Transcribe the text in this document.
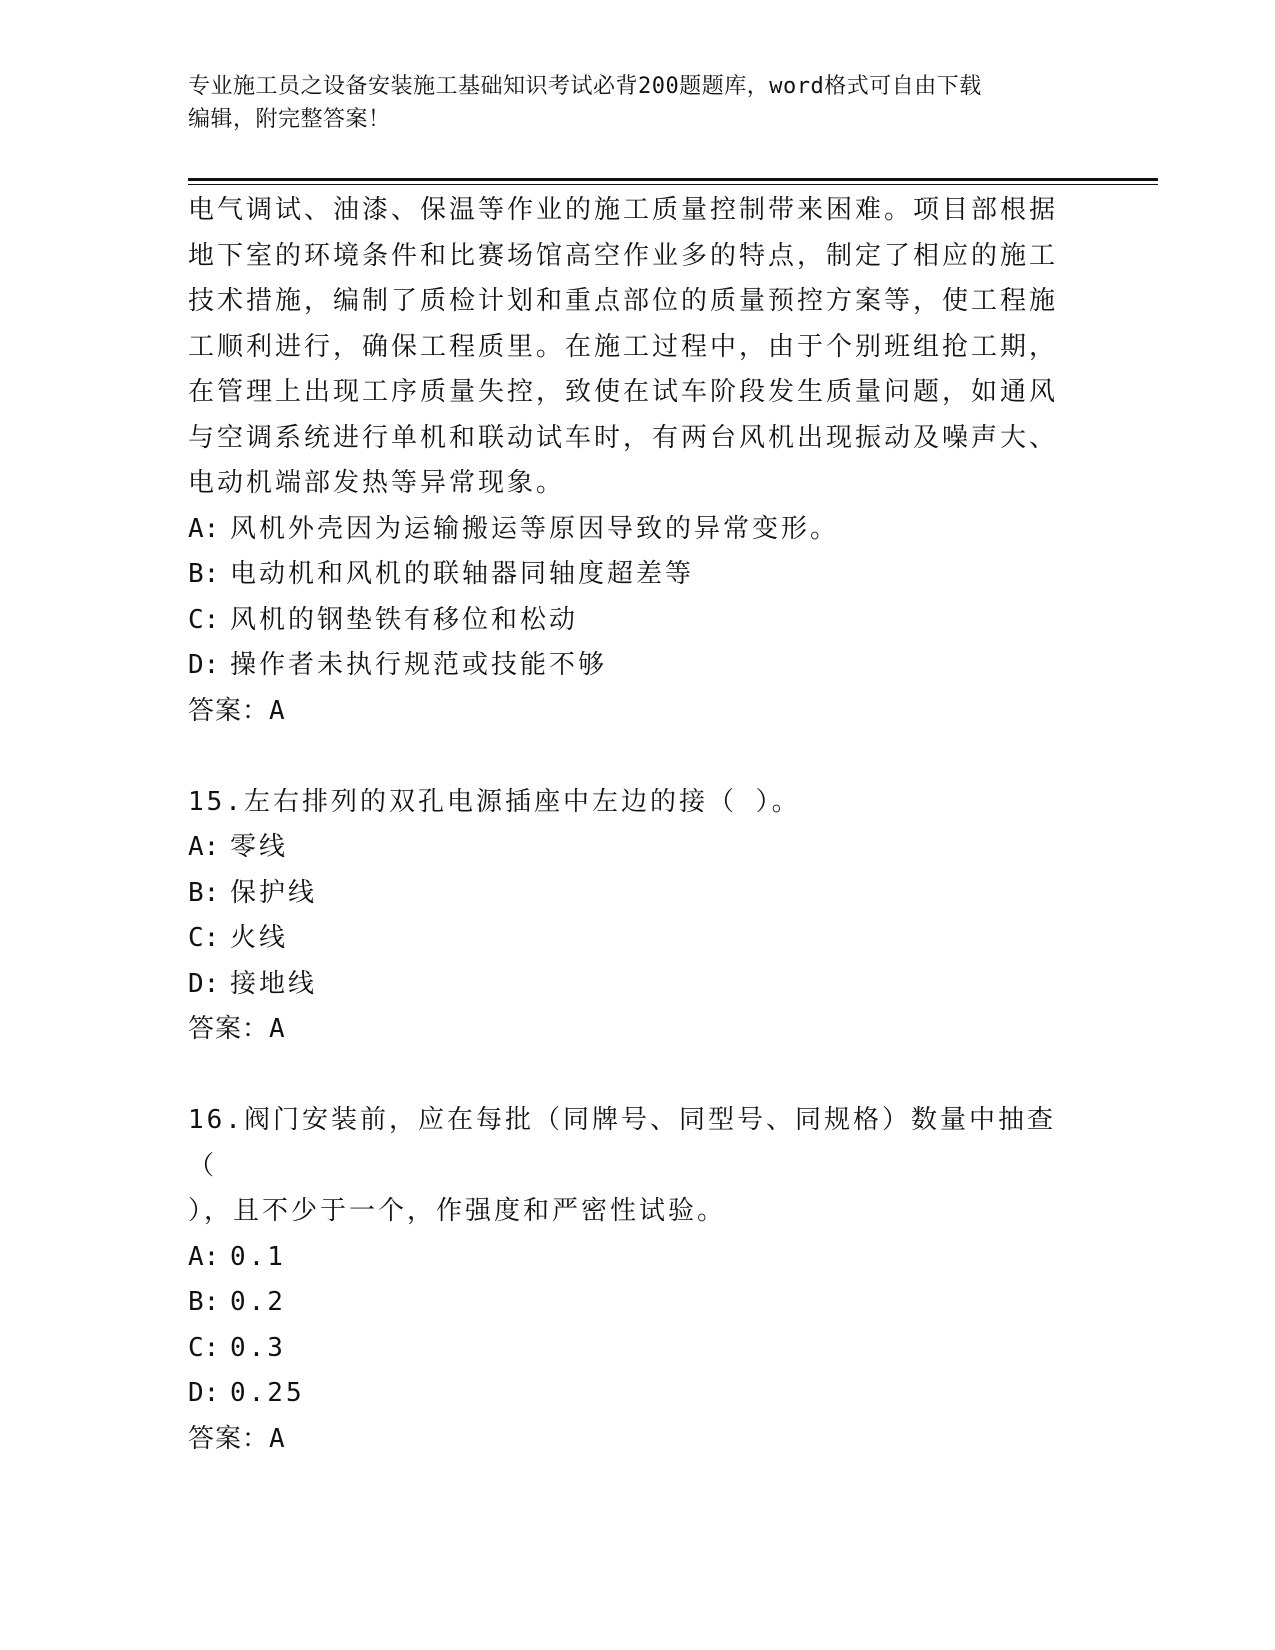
专业施工员之设备安装施工基础知识考试必背200题题库，word格式可自由下载
编辑，附完整答案！

电气调试、油漆、保温等作业的施工质量控制带来困难。项目部根据

地下室的环境条件和比赛场馆高空作业多的特点，制定了相应的施工

技术措施，编制了质检计划和重点部位的质量预控方案等，使工程施

工顺利进行，确保工程质里。在施工过程中，由于个别班组抢工期，

在管理上出现工序质量失控，致使在试车阶段发生质量问题，如通风

与空调系统进行单机和联动试车时，有两台风机出现振动及噪声大、

电动机端部发热等异常现象。

A: 风机外壳因为运输搬运等原因导致的异常变形。

B: 电动机和风机的联轴器同轴度超差等

C: 风机的钢垫铁有移位和松动

D: 操作者未执行规范或技能不够

答案：A

15.左右排列的双孔电源插座中左边的接（ ）。

A: 零线

B: 保护线

C: 火线

D: 接地线

答案：A

16.阀门安装前，应在每批（同牌号、同型号、同规格）数量中抽查（

），且不少于一个，作强度和严密性试验。

A: 0.1

B: 0.2

C: 0.3

D: 0.25

答案：A
